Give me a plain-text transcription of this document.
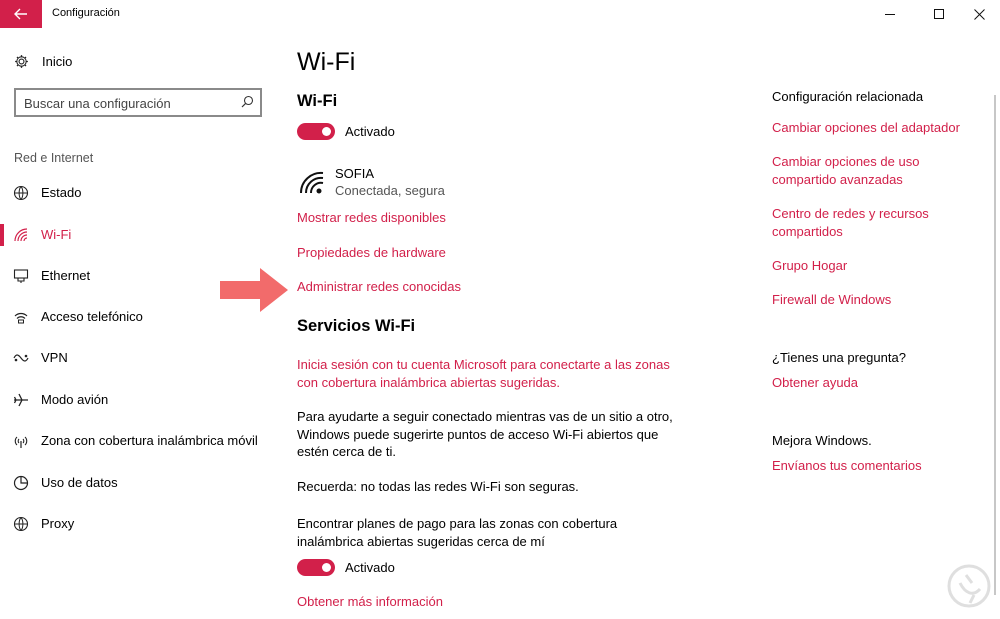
Configuración
Inicio
Buscar una configuración
Red e Internet
Estado
Wi-Fi
Ethernet
Acceso telefónico
VPN
Modo avión
Zona con cobertura inalámbrica móvil
Uso de datos
Proxy
Wi-Fi
Wi-Fi
Activado
SOFIA
Conectada, segura
Mostrar redes disponibles
Propiedades de hardware
Administrar redes conocidas
Servicios Wi-Fi

Inicia sesión con tu cuenta Microsoft para conectarte a las zonas con cobertura inalámbrica abiertas sugeridas.

Para ayudarte a seguir conectado mientras vas de un sitio a otro, Windows puede sugerirte puntos de acceso Wi-Fi abiertos que estén cerca de ti.

Recuerda: no todas las redes Wi-Fi son seguras.

Encontrar planes de pago para las zonas con cobertura inalámbrica abiertas sugeridas cerca de mí

Activado
Obtener más información
Configuración relacionada
Cambiar opciones del adaptador
Cambiar opciones de uso compartido avanzadas
Centro de redes y recursos compartidos
Grupo Hogar
Firewall de Windows
¿Tienes una pregunta?
Obtener ayuda
Mejora Windows.
Envíanos tus comentarios
